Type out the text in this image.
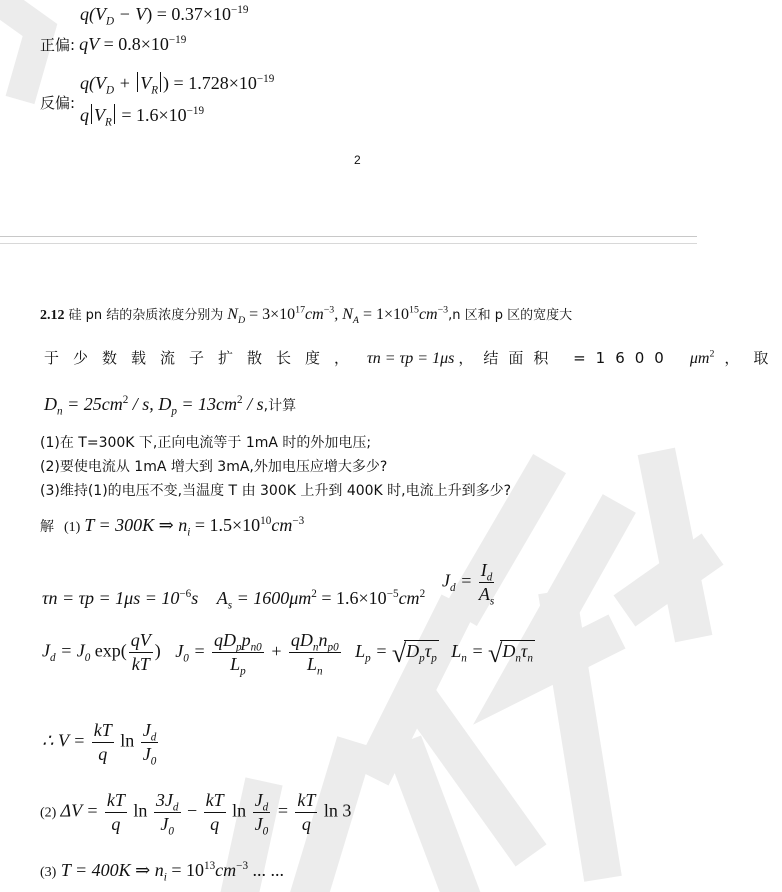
$q(V_D - V) = 0.37\times 10^{-19}$
正偏: qV = $0.8\times 10^{-19}$
反偏:
$q(V_D + V_R$ ) = $1.728\times 10^{-19}$
q $V_R = 1.6\times 10^{-19}$
2
2.12 硅 pn 结的杂质浓度分别为 $N_D = 3\times 10^{17}cm^{-3}$, $N_A = 1\times 10^{15}cm^{-3},n$ 区和 p 区的宽度大
于少数载流子扩散长度， τn = τp = 1μs ，结面积 =1600 $\mu m^2$ ，取
$D_n = 25cm^2 / s$, $D_p = 13cm^2 / s$,计算
(1)在 T=300K 下,正向电流等于 1mA 时的外加电压;
(2)要使电流从 1mA 增大到 3mA,外加电压应增大多少?
(3)维持(1)的电压不变,当温度 T 由 300K 上升到 400K 时,电流上升到多少?
解 (1) T = 300K ⇒ $n_i = 1.5\times 10^{10}cm^{-3}$
$J_d = \frac{I_d}{A_s}$
$\tau n = \tau p = 1\mu s = 10^{-6}s$ $A_s = 1600\mu m^2 = 1.6\times 10^{-5}cm^2$
$J_d = J_0$ $\exp( \frac{qV}{kT}$ ) $J_0 = \frac{qD_pp_{n0}}{L_p} + \frac{qD_nn_{p0}}{L_n} L_p = √D_p\tau_p$ $L_n = √D_n\tau_n$
∴ $V = \frac{kT}{q}$ $\ln \frac{J_d}{J_0}$
(2) $\Delta V = \frac{kT}{q}$ $\ln \frac{3J_d}{J_0} - \frac{kT}{q}$ $\ln \frac{J_d}{J_0} = \frac{kT}{q}$ ln 3
(3) T = 400K ⇒ $n_i = 10^{13}cm^{-3}$ ... ...
